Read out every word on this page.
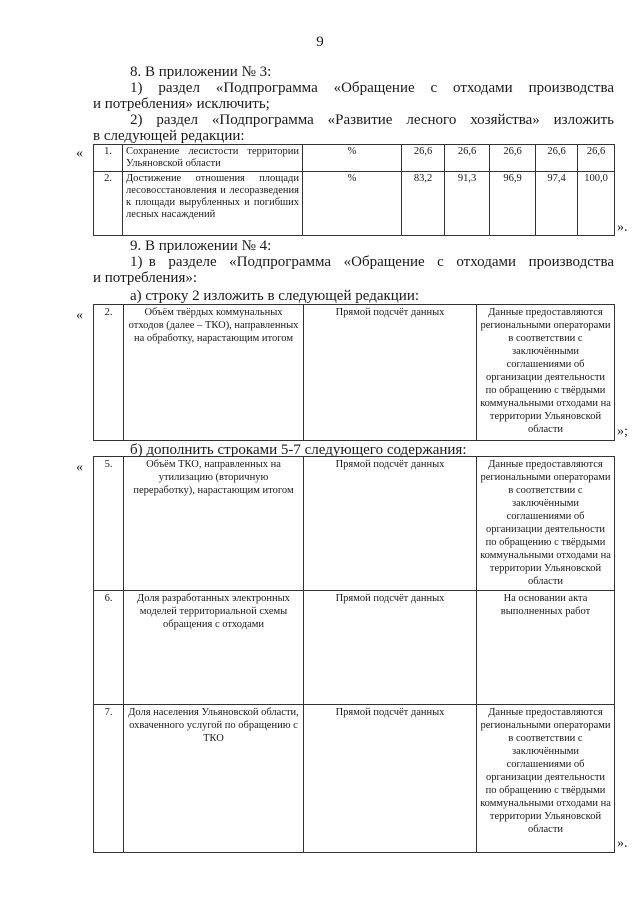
9
8. В приложении № 3:
1)  раздел  «Подпрограмма  «Обращение  с  отходами  производства
и потребления» исключить;
2)  раздел  «Подпрограмма  «Развитие  лесного  хозяйства»  изложить
в следующей редакции:
« 1.	Сохранение лесистости территории Ульяновской области	%	26,6	26,6	26,6	26,6	26,6
2.	Достижение отношения площади лесовосстановления и лесоразведения к площади вырубленных и погибших лесных насаждений	%	83,2	91,3	96,9	97,4	100,0
».
9. В приложении № 4:
1) в  разделе  «Подпрограмма  «Обращение  с  отходами  производства
и потребления»:
а) строку 2 изложить в следующей редакции:
« 2.	Объём твёрдых коммунальных отходов (далее – ТКО), направленных на обработку, нарастающим итогом	Прямой подсчёт данных	Данные предоставляются региональными операторами в соответствии с заключёнными соглашениями об организации деятельности по обращению с твёрдыми коммунальными отходами на территории Ульяновской области	»;
б) дополнить строками 5-7 следующего содержания:
« 5.	Объём ТКО, направленных на утилизацию (вторичную переработку), нарастающим итогом	Прямой подсчёт данных	Данные предоставляются региональными операторами в соответствии с заключёнными соглашениями об организации деятельности по обращению с твёрдыми коммунальными отходами на территории Ульяновской области
6.	Доля разработанных электронных моделей территориальной схемы обращения с отходами	Прямой подсчёт данных	На основании акта выполненных работ
7.	Доля населения Ульяновской области, охваченного услугой по обращению с ТКО	Прямой подсчёт данных	Данные предоставляются региональными операторами в соответствии с заключёнными соглашениями об организации деятельности по обращению с твёрдыми коммунальными отходами на территории Ульяновской области
».
